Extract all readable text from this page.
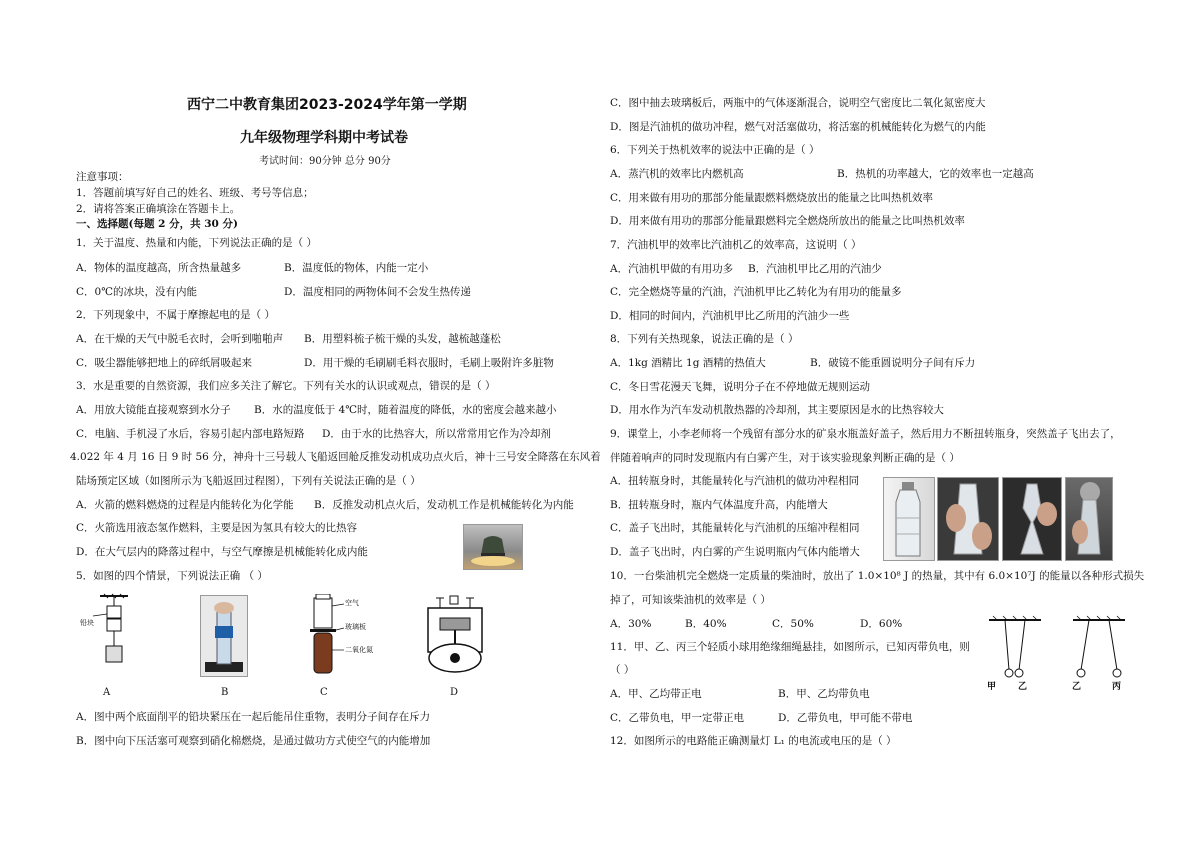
西宁二中教育集团2023-2024学年第一学期
九年级物理学科期中考试卷
考试时间：90分钟 总分 90分
注意事项：
1．答题前填写好自己的姓名、班级、考号等信息；
2．请将答案正确填涂在答题卡上。
一、选择题(每题 2 分，共 30 分)
1．关于温度、热量和内能，下列说法正确的是（ ）
A．物体的温度越高，所含热量越多	B．温度低的物体，内能一定小
C．0℃的冰块，没有内能	D．温度相同的两物体间不会发生热传递
2．下列现象中，不属于摩擦起电的是（ ）
A．在干燥的天气中脱毛衣时，会听到啪啪声 B．用塑料梳子梳干燥的头发，越梳越蓬松
C．吸尘器能够把地上的碎纸屑吸起来	D．用干燥的毛刷刷毛料衣服时，毛刷上吸附许多脏物
3．水是重要的自然资源，我们应多关注了解它。下列有关水的认识或观点，错误的是（ ）
A．用放大镜能直接观察到水分子 B．水的温度低于 4℃时，随着温度的降低，水的密度会越来越小
C．电脑、手机浸了水后，容易引起内部电路短路 D．由于水的比热容大，所以常常用它作为冷却剂
4.022 年 4 月 16 日 9 时 56 分，神舟十三号载人飞船返回舱反推发动机成功点火后，神十三号安全降落在东风着
陆场预定区域（如图所示为飞船返回过程图），下列有关说法正确的是（ ）
A．火箭的燃料燃烧的过程是内能转化为化学能 B．反推发动机点火后，发动机工作是机械能转化为内能
C．火箭选用液态氢作燃料，主要是因为氢具有较大的比热容
D．在大气层内的降落过程中，与空气摩擦是机械能转化成内能
5．如图的四个情景，下列说法正确 （ ）
铅块
空气
玻璃板
二氧化氮
A	B	C	D
A．图中两个底面削平的铅块紧压在一起后能吊住重物，表明分子间存在斥力
B．图中向下压活塞可观察到硝化棉燃烧，是通过做功方式使空气的内能增加
C．图中抽去玻璃板后，两瓶中的气体逐渐混合，说明空气密度比二氧化氮密度大
D．图是汽油机的做功冲程，燃气对活塞做功，将活塞的机械能转化为燃气的内能
6．下列关于热机效率的说法中正确的是（ ）
A．蒸汽机的效率比内燃机高	B．热机的功率越大，它的效率也一定越高
C．用来做有用功的那部分能量跟燃料燃烧放出的能量之比叫热机效率
D．用来做有用功的那部分能量跟燃料完全燃烧所放出的能量之比叫热机效率
7．汽油机甲的效率比汽油机乙的效率高，这说明（ ）
A．汽油机甲做的有用功多 B．汽油机甲比乙用的汽油少
C．完全燃烧等量的汽油，汽油机甲比乙转化为有用功的能量多
D．相同的时间内，汽油机甲比乙所用的汽油少一些
8．下列有关热现象，说法正确的是（ ）
A．1kg 酒精比 1g 酒精的热值大	B．破镜不能重圆说明分子间有斥力
C．冬日雪花漫天飞舞，说明分子在不停地做无规则运动
D．用水作为汽车发动机散热器的冷却剂，其主要原因是水的比热容较大
9．课堂上，小李老师将一个残留有部分水的矿泉水瓶盖好盖子，然后用力不断扭转瓶身，突然盖子飞出去了，
伴随着响声的同时发现瓶内有白雾产生，对于该实验现象判断正确的是（ ）
A．扭转瓶身时，其能量转化与汽油机的做功冲程相同
B．扭转瓶身时，瓶内气体温度升高，内能增大
C．盖子飞出时，其能量转化与汽油机的压缩冲程相同
D．盖子飞出时，内白雾的产生说明瓶内气体内能增大
10．一台柴油机完全燃烧一定质量的柴油时，放出了 1.0×10⁸ J 的热量，其中有 6.0×10⁷J 的能量以各种形式损失
掉了，可知该柴油机的效率是（ ）
A．30%	B．40%	C．50%	D．60%
11．甲、乙、丙三个轻质小球用绝缘细绳悬挂，如图所示，已知丙带负电，则
（ ）
A．甲、乙均带正电	B．甲、乙均带负电
C．乙带负电，甲一定带正电	D．乙带负电，甲可能不带电
甲 乙	乙	丙
12．如图所示的电路能正确测量灯 L₁ 的电流或电压的是（ ）
